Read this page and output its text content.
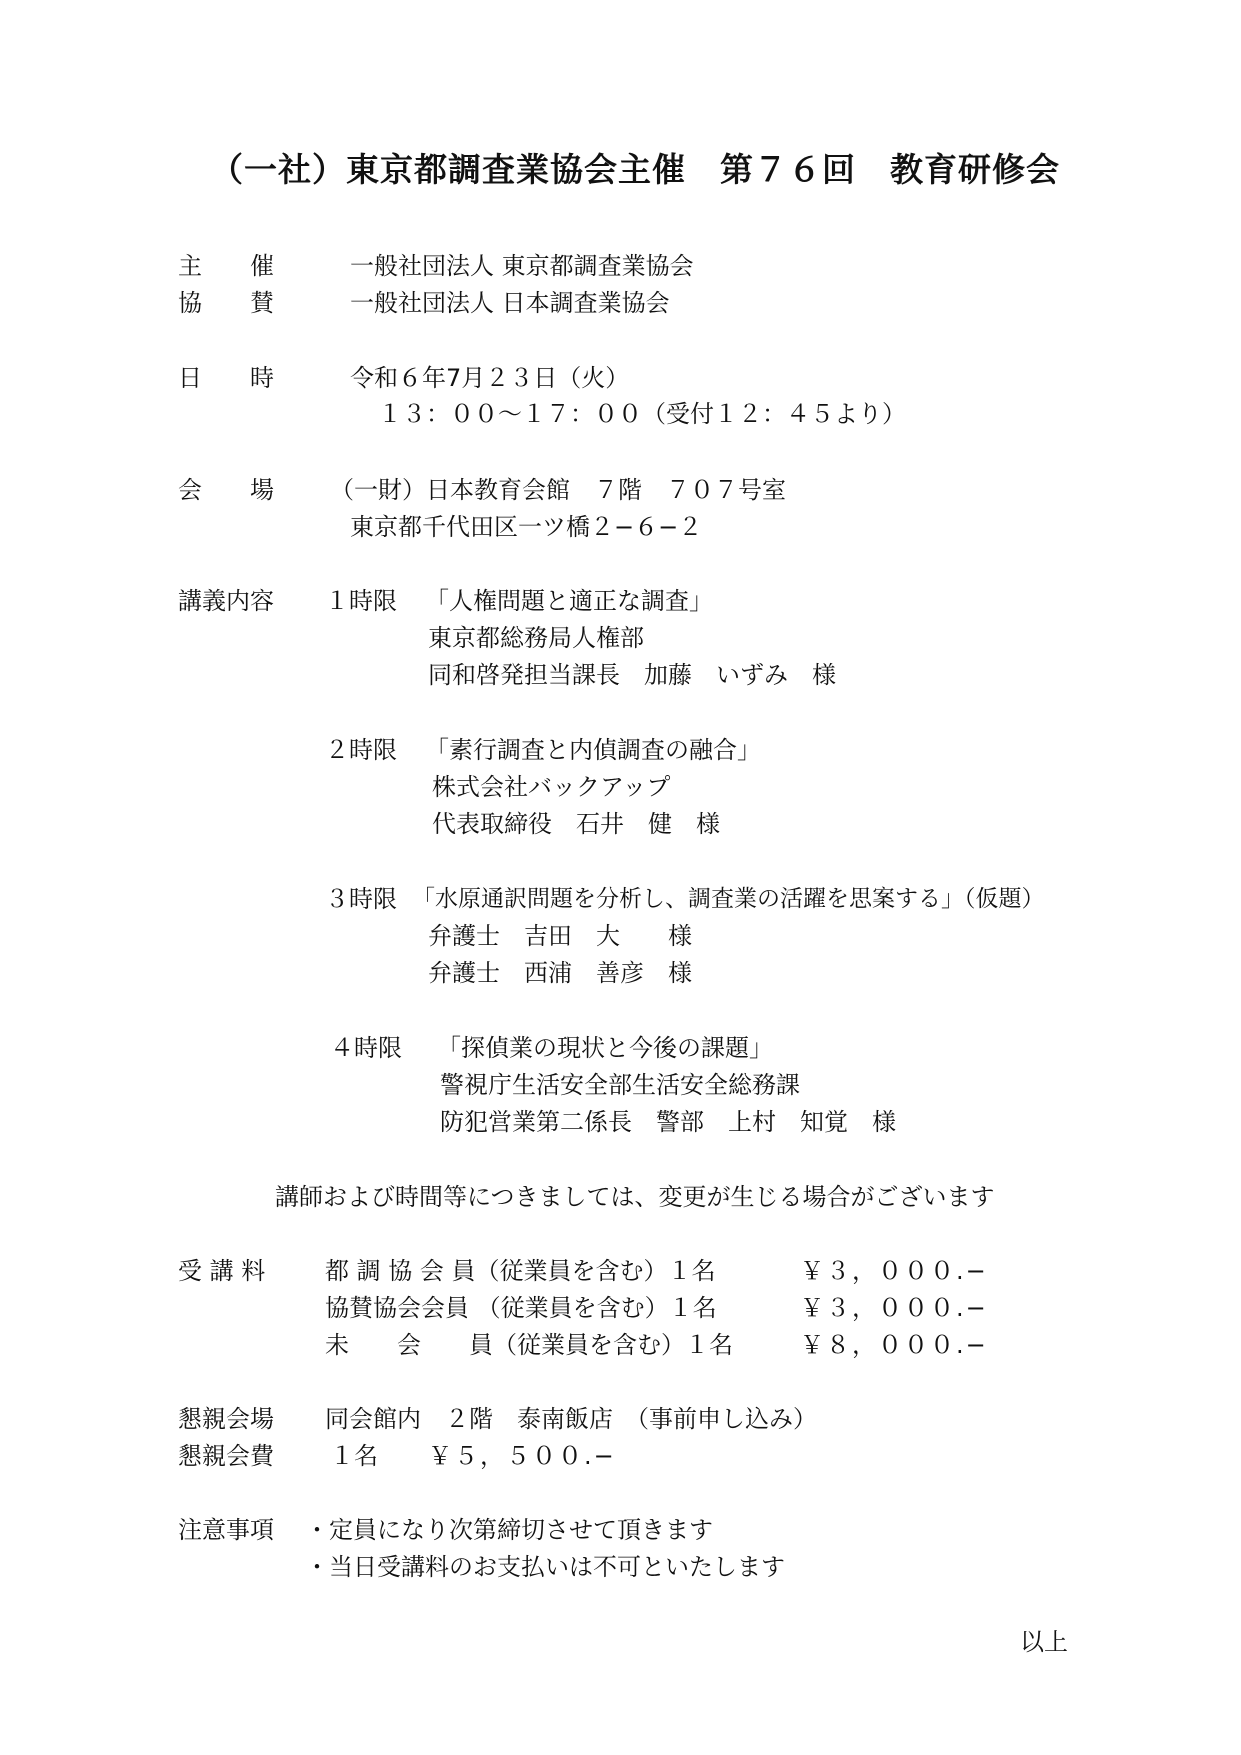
（一社）東京都調査業協会主催　第７６回　教育研修会
主　　催	一般社団法人 東京都調査業協会
協　　賛	一般社団法人 日本調査業協会
日　　時	令和６年7月２３日（火）
１３：００〜１７：００（受付１２：４５より）
会　　場 （一財）日本教育会館　７階　７０７号室
東京都千代田区一ツ橋２−６−２
講義内容 １時限 「人権問題と適正な調査」
東京都総務局人権部
同和啓発担当課長　加藤　いずみ　様
２時限 「素行調査と内偵調査の融合」
株式会社バックアップ
代表取締役　石井　健　様
３時限 「水原通訳問題を分析し、調査業の活躍を思案する」（仮題）
弁護士　吉田　大　　様
弁護士　西浦　善彦　様
４時限 「探偵業の現状と今後の課題」
警視庁生活安全部生活安全総務課
防犯営業第二係長　警部　上村　知覚　様
講師および時間等につきましては、変更が生じる場合がございます
受 講 料 都 調 協 会 員（従業員を含む）１名	￥３，０００.−
協賛協会会員 （従業員を含む）１名	￥３，０００.−
未　　会　　員（従業員を含む）１名	￥８，０００.−
懇親会場 同会館内　２階　泰南飯店　（事前申し込み）
懇親会費 １名 ￥５，５００.−
注意事項 ・定員になり次第締切させて頂きます
・当日受講料のお支払いは不可といたします
以上
